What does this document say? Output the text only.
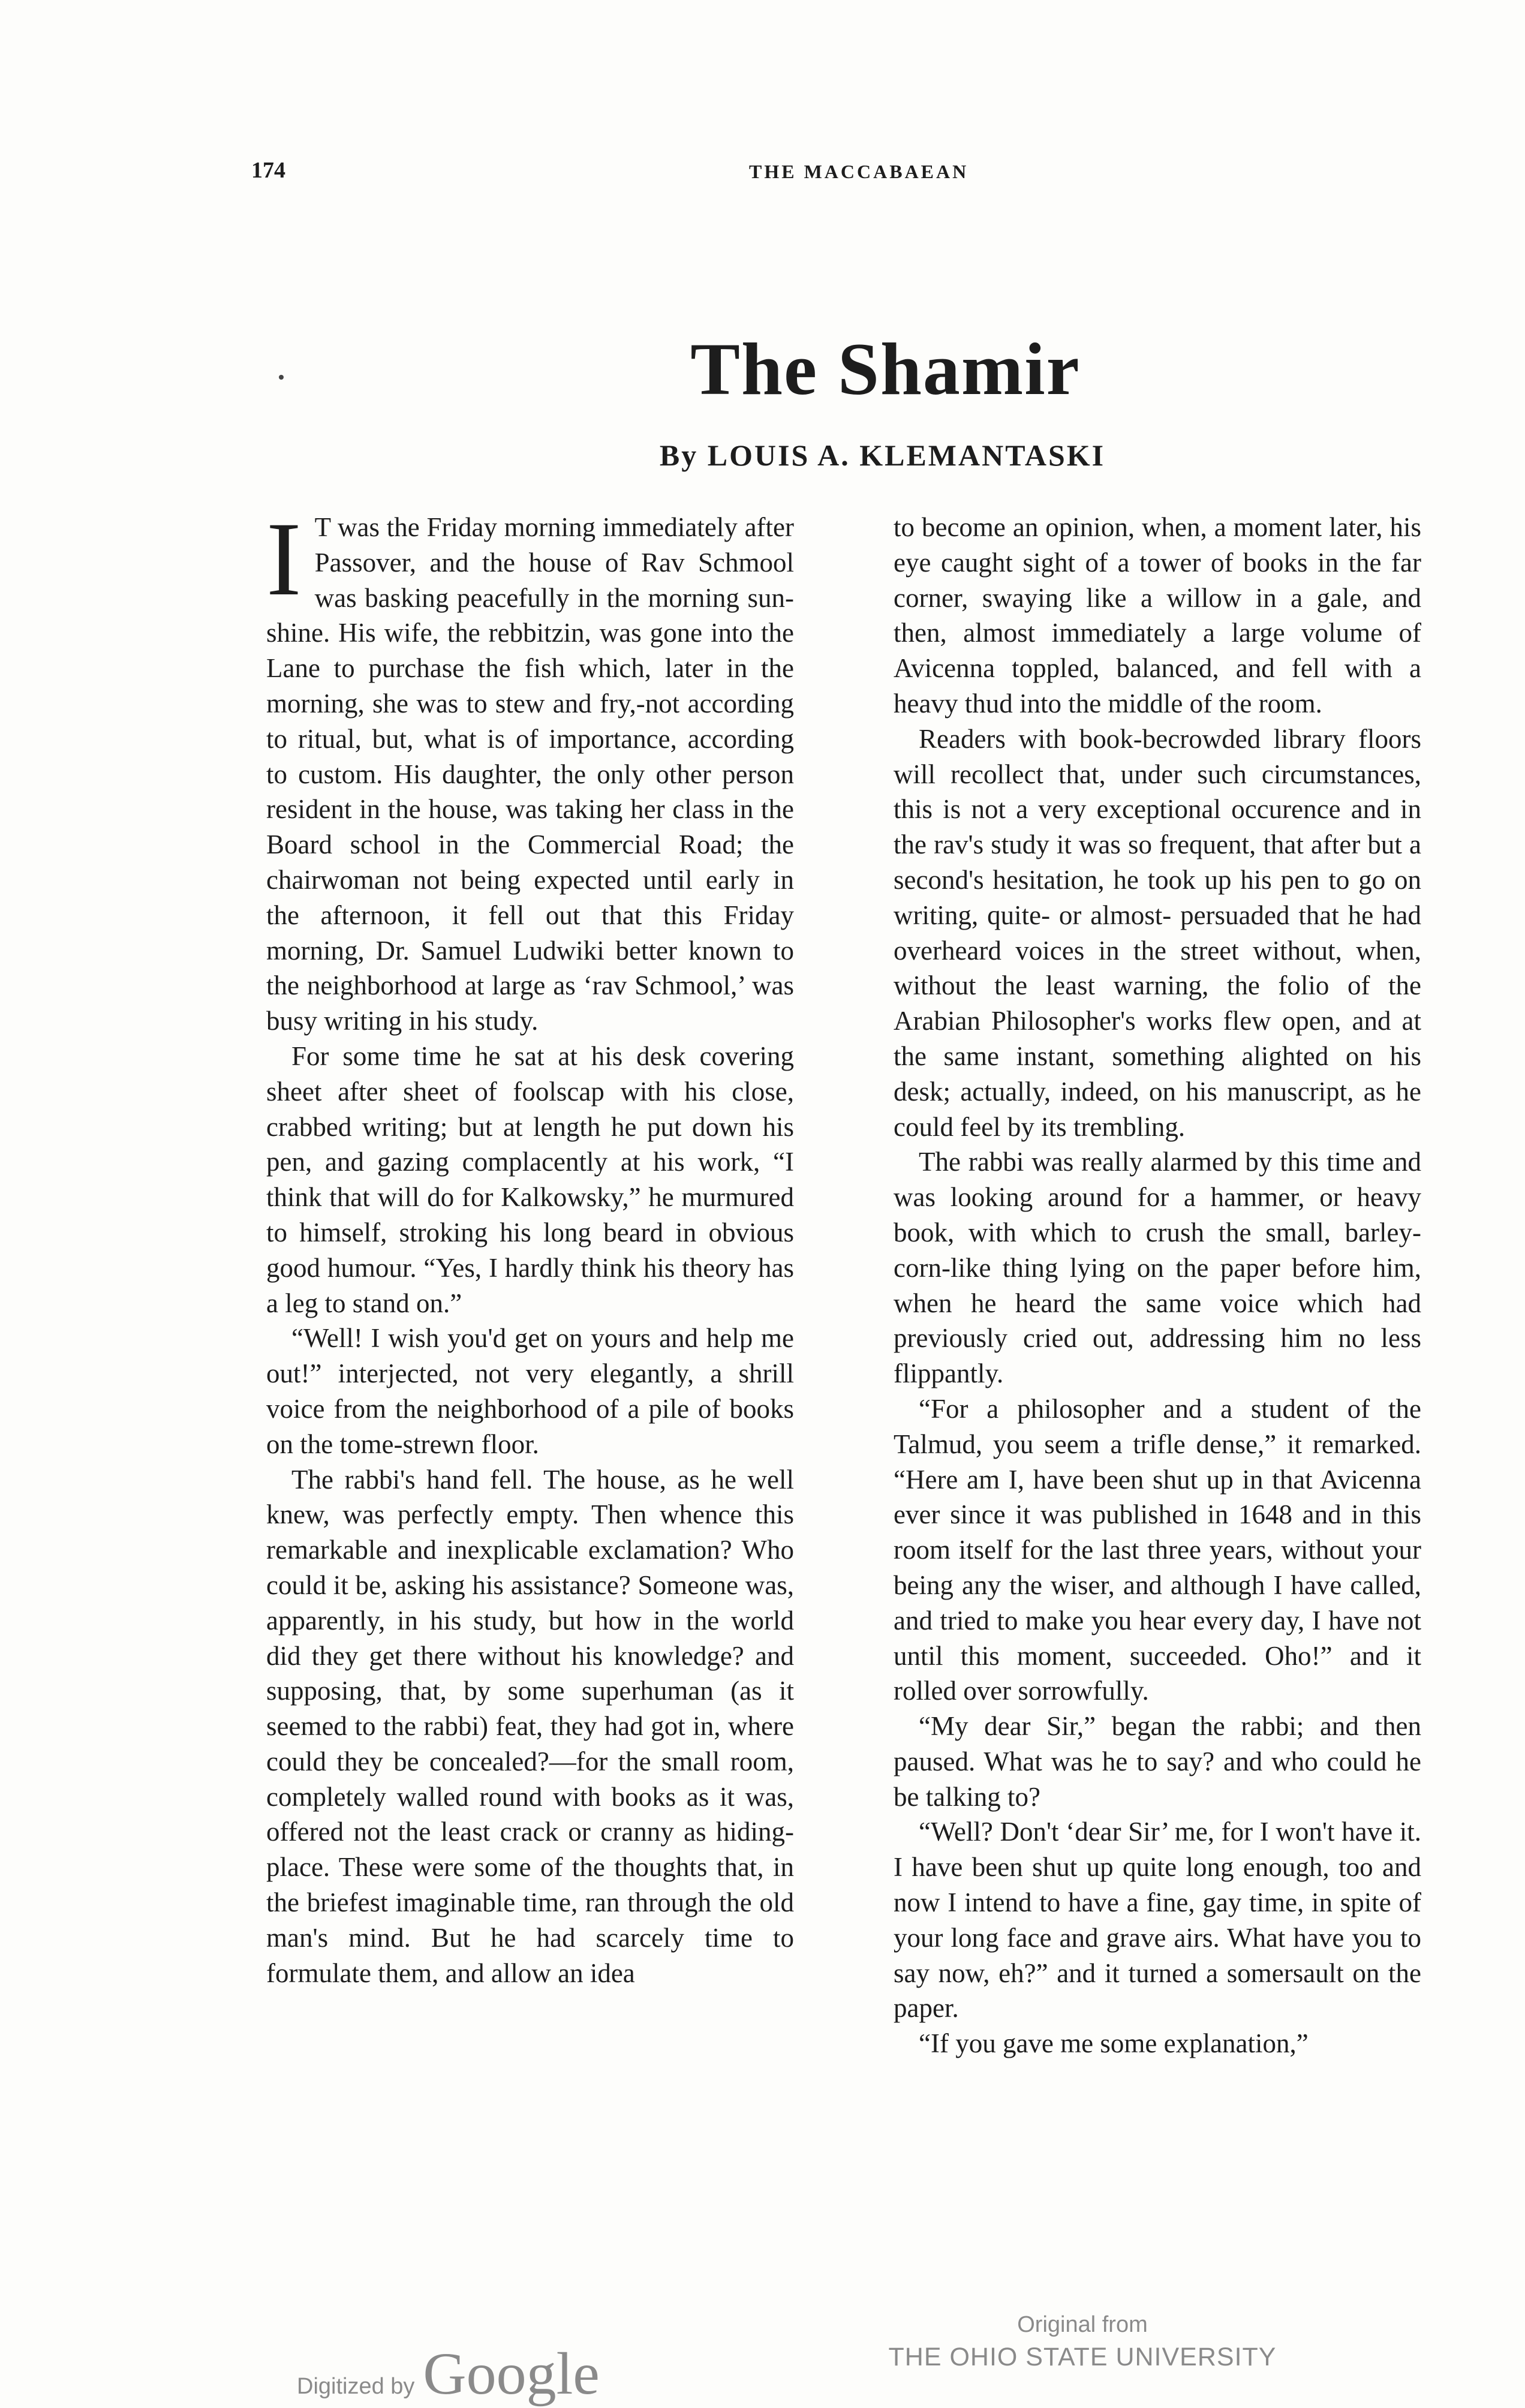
174	THE MACCABAEAN
The Shamir
By LOUIS A. KLEMANTASKI

I T was the Friday morning immediately after Passover, and the house of Rav Schmool was basking peacefully in the morning sun-shine. His wife, the rebbitzin, was gone into the Lane to purchase the fish which, later in the morning, she was to stew and fry,-not according to ritual, but, what is of importance, according to custom. His daughter, the only other person resident in the house, was taking her class in the Board school in the Commercial Road; the chairwoman not being expected until early in the afternoon, it fell out that this Friday morning, Dr. Samuel Ludwiki better known to the neighborhood at large as ‘rav Schmool,’ was busy writing in his study.

For some time he sat at his desk covering sheet after sheet of foolscap with his close, crabbed writing; but at length he put down his pen, and gazing complacently at his work, “I think that will do for Kalkowsky,” he murmured to himself, stroking his long beard in obvious good humour. “Yes, I hardly think his theory has a leg to stand on.”

“Well! I wish you'd get on yours and help me out!” interjected, not very elegantly, a shrill voice from the neighborhood of a pile of books on the tome-strewn floor.

The rabbi's hand fell. The house, as he well knew, was perfectly empty. Then whence this remarkable and inexplicable exclamation? Who could it be, asking his assistance? Someone was, apparently, in his study, but how in the world did they get there without his knowledge? and supposing, that, by some superhuman (as it seemed to the rabbi) feat, they had got in, where could they be concealed?—for the small room, completely walled round with books as it was, offered not the least crack or cranny as hiding-place. These were some of the thoughts that, in the briefest imaginable time, ran through the old man's mind. But he had scarcely time to formulate them, and allow an idea

to become an opinion, when, a moment later, his eye caught sight of a tower of books in the far corner, swaying like a willow in a gale, and then, almost immediately a large volume of Avicenna toppled, balanced, and fell with a heavy thud into the middle of the room.

Readers with book-becrowded library floors will recollect that, under such circumstances, this is not a very exceptional occurence and in the rav's study it was so frequent, that after but a second's hesitation, he took up his pen to go on writing, quite- or almost- persuaded that he had overheard voices in the street without, when, without the least warning, the folio of the Arabian Philosopher's works flew open, and at the same instant, something alighted on his desk; actually, indeed, on his manuscript, as he could feel by its trembling.

The rabbi was really alarmed by this time and was looking around for a hammer, or heavy book, with which to crush the small, barley-corn-like thing lying on the paper before him, when he heard the same voice which had previously cried out, addressing him no less flippantly.

“For a philosopher and a student of the Talmud, you seem a trifle dense,” it remarked. “Here am I, have been shut up in that Avicenna ever since it was published in 1648 and in this room itself for the last three years, without your being any the wiser, and although I have called, and tried to make you hear every day, I have not until this moment, succeeded. Oho!” and it rolled over sorrowfully.

“My dear Sir,” began the rabbi; and then paused. What was he to say? and who could he be talking to?

“Well? Don't ‘dear Sir’ me, for I won't have it. I have been shut up quite long enough, too and now I intend to have a fine, gay time, in spite of your long face and grave airs. What have you to say now, eh?” and it turned a somersault on the paper.

“If you gave me some explanation,”

Digitized by Google
Original from
THE OHIO STATE UNIVERSITY
